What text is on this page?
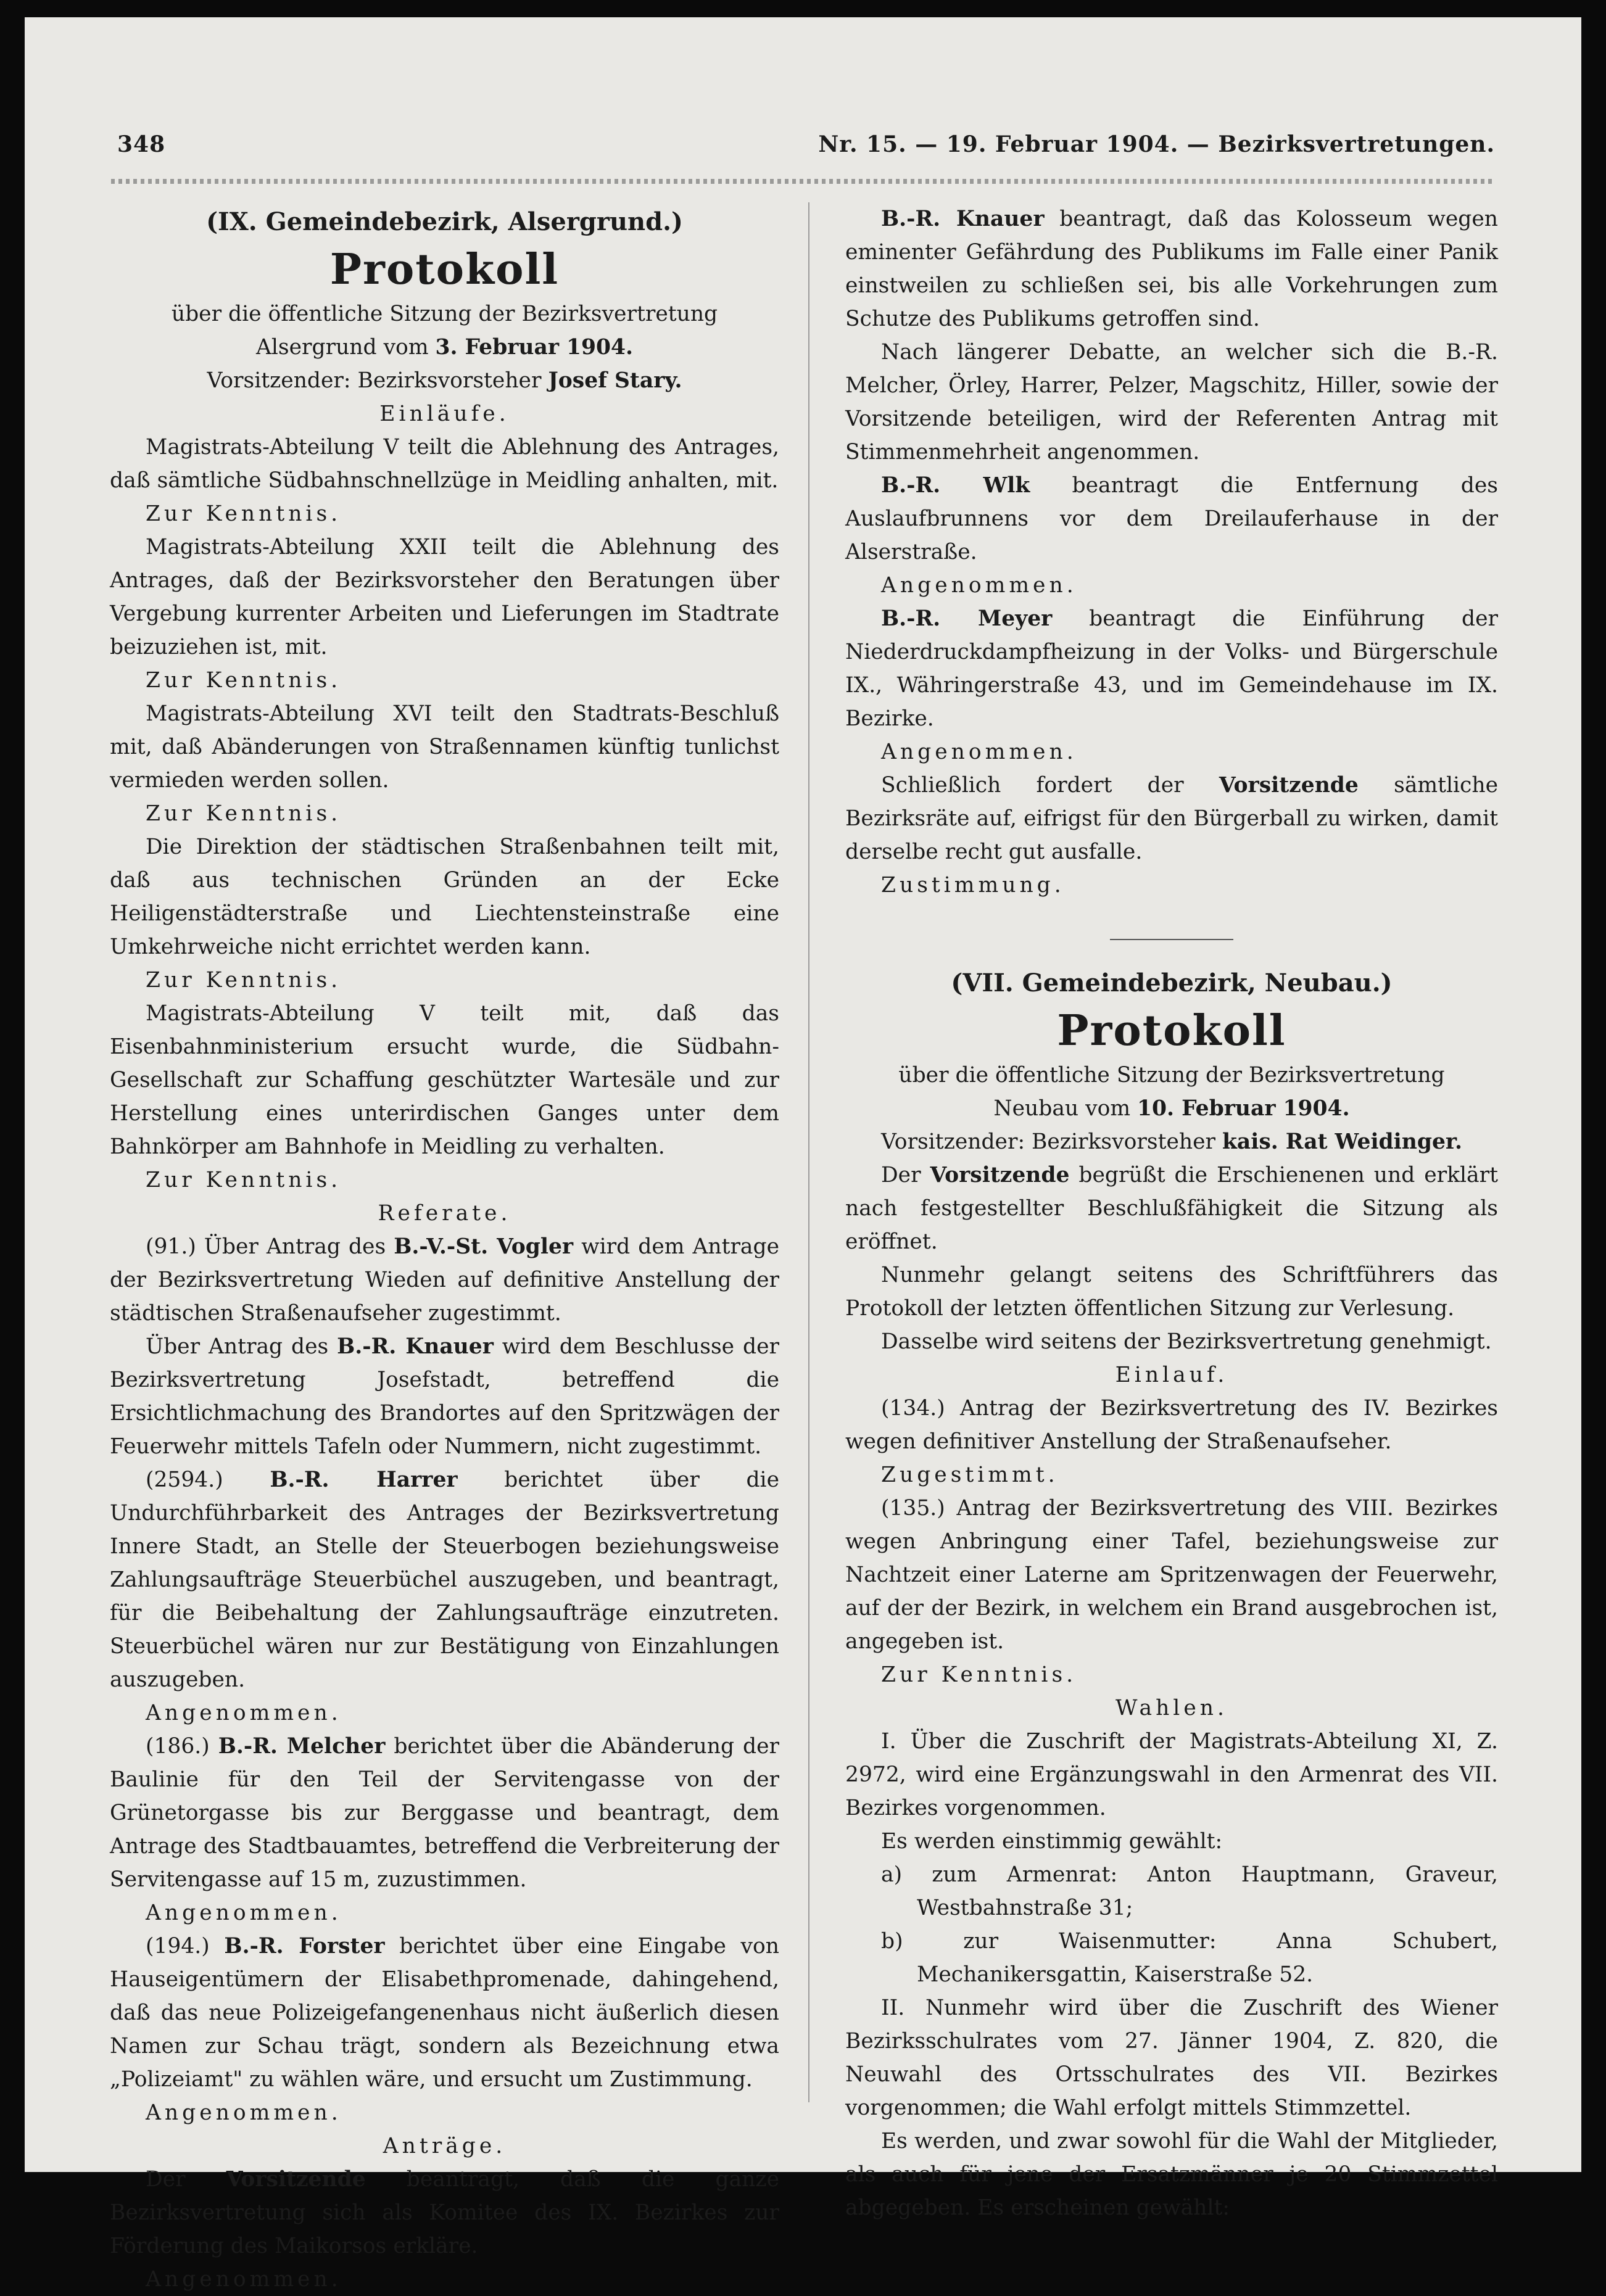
348	Nr. 15. — 19. Februar 1904. — Bezirksvertretungen.
(IX. Gemeindebezirk, Alsergrund.)
Protokoll

über die öffentliche Sitzung der Bezirksvertretung

Alsergrund vom 3. Februar 1904.

Vorsitzender: Bezirksvorsteher Josef Stary.

Einläufe.

Magistrats-Abteilung V teilt die Ablehnung des Antrages, daß sämtliche Südbahnschnellzüge in Meidling anhalten, mit.

Zur Kenntnis.

Magistrats-Abteilung XXII teilt die Ablehnung des Antrages, daß der Bezirksvorsteher den Beratungen über Vergebung kurrenter Arbeiten und Lieferungen im Stadtrate beizuziehen ist, mit.

Zur Kenntnis.

Magistrats-Abteilung XVI teilt den Stadtrats-Beschluß mit, daß Abänderungen von Straßennamen künftig tunlichst vermieden werden sollen.

Zur Kenntnis.

Die Direktion der städtischen Straßenbahnen teilt mit, daß aus technischen Gründen an der Ecke Heiligenstädterstraße und Liechtensteinstraße eine Umkehrweiche nicht errichtet werden kann.

Zur Kenntnis.

Magistrats-Abteilung V teilt mit, daß das Eisenbahnministerium ersucht wurde, die Südbahn-Gesellschaft zur Schaffung geschützter Wartesäle und zur Herstellung eines unterirdischen Ganges unter dem Bahnkörper am Bahnhofe in Meidling zu verhalten.

Zur Kenntnis.

Referate.

(91.) Über Antrag des B.-V.-St. Vogler wird dem Antrage der Bezirksvertretung Wieden auf definitive Anstellung der städtischen Straßenaufseher zugestimmt.

Über Antrag des B.-R. Knauer wird dem Beschlusse der Bezirksvertretung Josefstadt, betreffend die Ersichtlichmachung des Brandortes auf den Spritzwägen der Feuerwehr mittels Tafeln oder Nummern, nicht zugestimmt.

(2594.) B.-R. Harrer berichtet über die Undurchführbarkeit des Antrages der Bezirksvertretung Innere Stadt, an Stelle der Steuerbogen beziehungsweise Zahlungsaufträge Steuerbüchel auszugeben, und beantragt, für die Beibehaltung der Zahlungsaufträge einzutreten. Steuerbüchel wären nur zur Bestätigung von Einzahlungen auszugeben.

Angenommen.

(186.) B.-R. Melcher berichtet über die Abänderung der Baulinie für den Teil der Servitengasse von der Grünetorgasse bis zur Berggasse und beantragt, dem Antrage des Stadtbauamtes, betreffend die Verbreiterung der Servitengasse auf 15 m, zuzustimmen.

Angenommen.

(194.) B.-R. Forster berichtet über eine Eingabe von Hauseigentümern der Elisabethpromenade, dahingehend, daß das neue Polizeigefangenenhaus nicht äußerlich diesen Namen zur Schau trägt, sondern als Bezeichnung etwa „Polizeiamt" zu wählen wäre, und ersucht um Zustimmung.

Angenommen.

Anträge.

Der Vorsitzende beantragt, daß die ganze Bezirksvertretung sich als Komitee des IX. Bezirkes zur Förderung des Maikorsos erkläre.

Angenommen.

B.-R. Knauer beantragt, daß das Kolosseum wegen eminenter Gefährdung des Publikums im Falle einer Panik einstweilen zu schließen sei, bis alle Vorkehrungen zum Schutze des Publikums getroffen sind.

Nach längerer Debatte, an welcher sich die B.-R. Melcher, Örley, Harrer, Pelzer, Magschitz, Hiller, sowie der Vorsitzende beteiligen, wird der Referenten Antrag mit Stimmenmehrheit angenommen.

B.-R. Wlk beantragt die Entfernung des Auslaufbrunnens vor dem Dreilauferhause in der Alserstraße.

Angenommen.

B.-R. Meyer beantragt die Einführung der Niederdruckdampfheizung in der Volks- und Bürgerschule IX., Währingerstraße 43, und im Gemeindehause im IX. Bezirke.

Angenommen.

Schließlich fordert der Vorsitzende sämtliche Bezirksräte auf, eifrigst für den Bürgerball zu wirken, damit derselbe recht gut ausfalle.

Zustimmung.

(VII. Gemeindebezirk, Neubau.)
Protokoll

über die öffentliche Sitzung der Bezirksvertretung

Neubau vom 10. Februar 1904.

Vorsitzender: Bezirksvorsteher kais. Rat Weidinger.

Der Vorsitzende begrüßt die Erschienenen und erklärt nach festgestellter Beschlußfähigkeit die Sitzung als eröffnet.

Nunmehr gelangt seitens des Schriftführers das Protokoll der letzten öffentlichen Sitzung zur Verlesung.

Dasselbe wird seitens der Bezirksvertretung genehmigt.

Einlauf.

(134.) Antrag der Bezirksvertretung des IV. Bezirkes wegen definitiver Anstellung der Straßenaufseher.

Zugestimmt.

(135.) Antrag der Bezirksvertretung des VIII. Bezirkes wegen Anbringung einer Tafel, beziehungsweise zur Nachtzeit einer Laterne am Spritzenwagen der Feuerwehr, auf der der Bezirk, in welchem ein Brand ausgebrochen ist, angegeben ist.

Zur Kenntnis.

Wahlen.

I. Über die Zuschrift der Magistrats-Abteilung XI, Z. 2972, wird eine Ergänzungswahl in den Armenrat des VII. Bezirkes vorgenommen.

Es werden einstimmig gewählt:

a) zum Armenrat: Anton Hauptmann, Graveur, Westbahnstraße 31;

b) zur Waisenmutter: Anna Schubert, Mechanikersgattin, Kaiserstraße 52.

II. Nunmehr wird über die Zuschrift des Wiener Bezirksschulrates vom 27. Jänner 1904, Z. 820, die Neuwahl des Ortsschulrates des VII. Bezirkes vorgenommen; die Wahl erfolgt mittels Stimmzettel.

Es werden, und zwar sowohl für die Wahl der Mitglieder, als auch für jene der Ersatzmänner je 20 Stimmzettel abgegeben. Es erscheinen gewählt:
